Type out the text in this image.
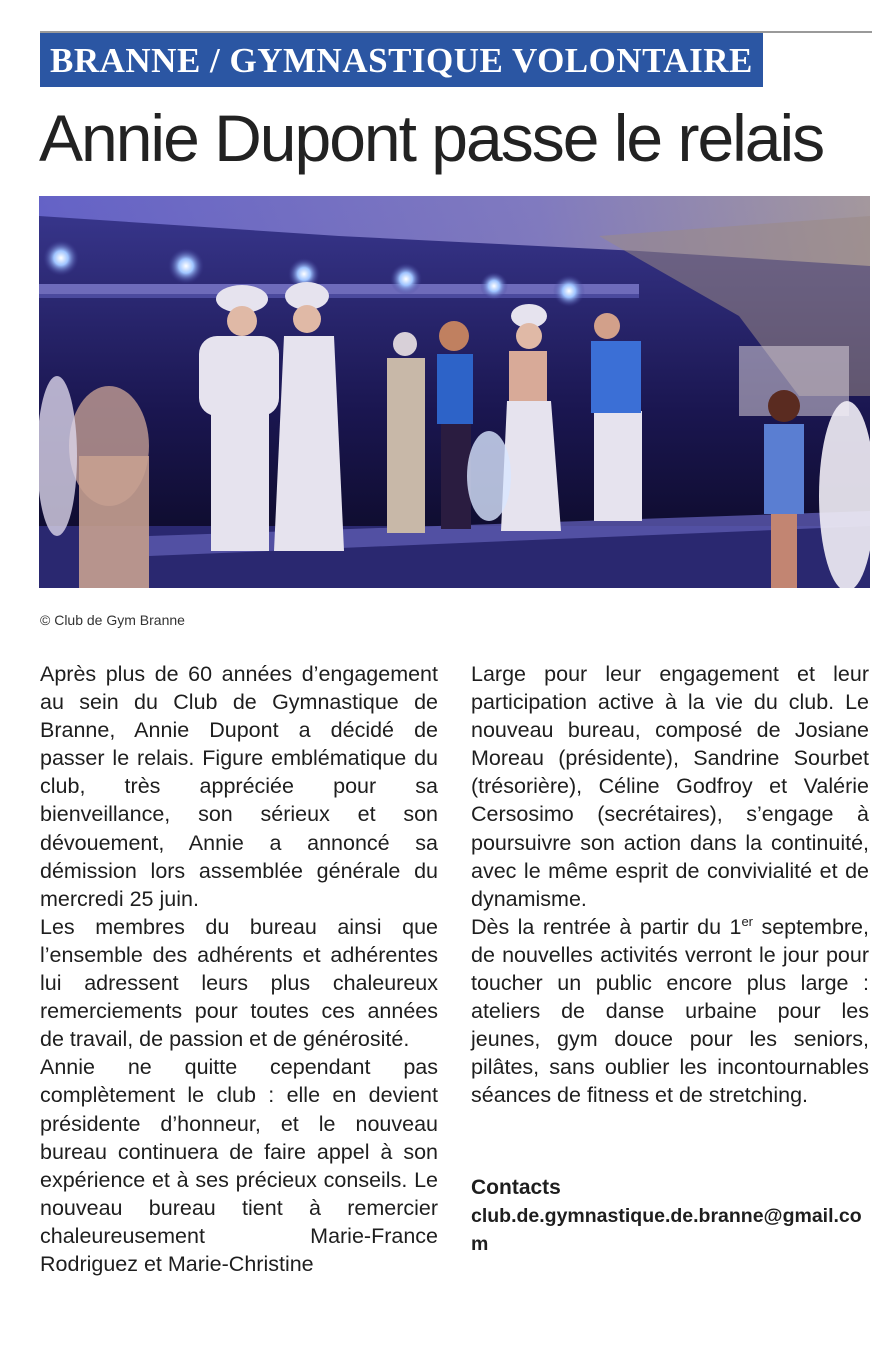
BRANNE / GYMNASTIQUE VOLONTAIRE
Annie Dupont passe le relais
© Club de Gym Branne

Après plus de 60 années d’engagement au sein du Club de Gymnastique de Branne, Annie Dupont a décidé de passer le relais. Figure emblématique du club, très appréciée pour sa bienveillance, son sérieux et son dévouement, Annie a annoncé sa démission lors assemblée générale du mercredi 25 juin.

Les membres du bureau ainsi que l’ensemble des adhérents et adhérentes lui adressent leurs plus chaleureux remerciements pour toutes ces années de travail, de passion et de générosité.

Annie ne quitte cependant pas complètement le club : elle en devient présidente d’honneur, et le nouveau bureau continuera de faire appel à son expérience et à ses précieux conseils. Le nouveau bureau tient à remercier chaleureusement Marie-France Rodriguez et Marie-Christine

Large pour leur engagement et leur participation active à la vie du club. Le nouveau bureau, composé de Josiane Moreau (présidente), Sandrine Sourbet (trésorière), Céline Godfroy et Valérie Cersosimo (secrétaires), s’engage à poursuivre son action dans la continuité, avec le même esprit de convivialité et de dynamisme.

Dès la rentrée à partir du 1er septembre, de nouvelles activités verront le jour pour toucher un public encore plus large : ateliers de danse urbaine pour les jeunes, gym douce pour les seniors, pilâtes, sans oublier les incontournables séances de fitness et de stretching.

Contacts
club.de.gymnastique.de.branne@gmail.com
